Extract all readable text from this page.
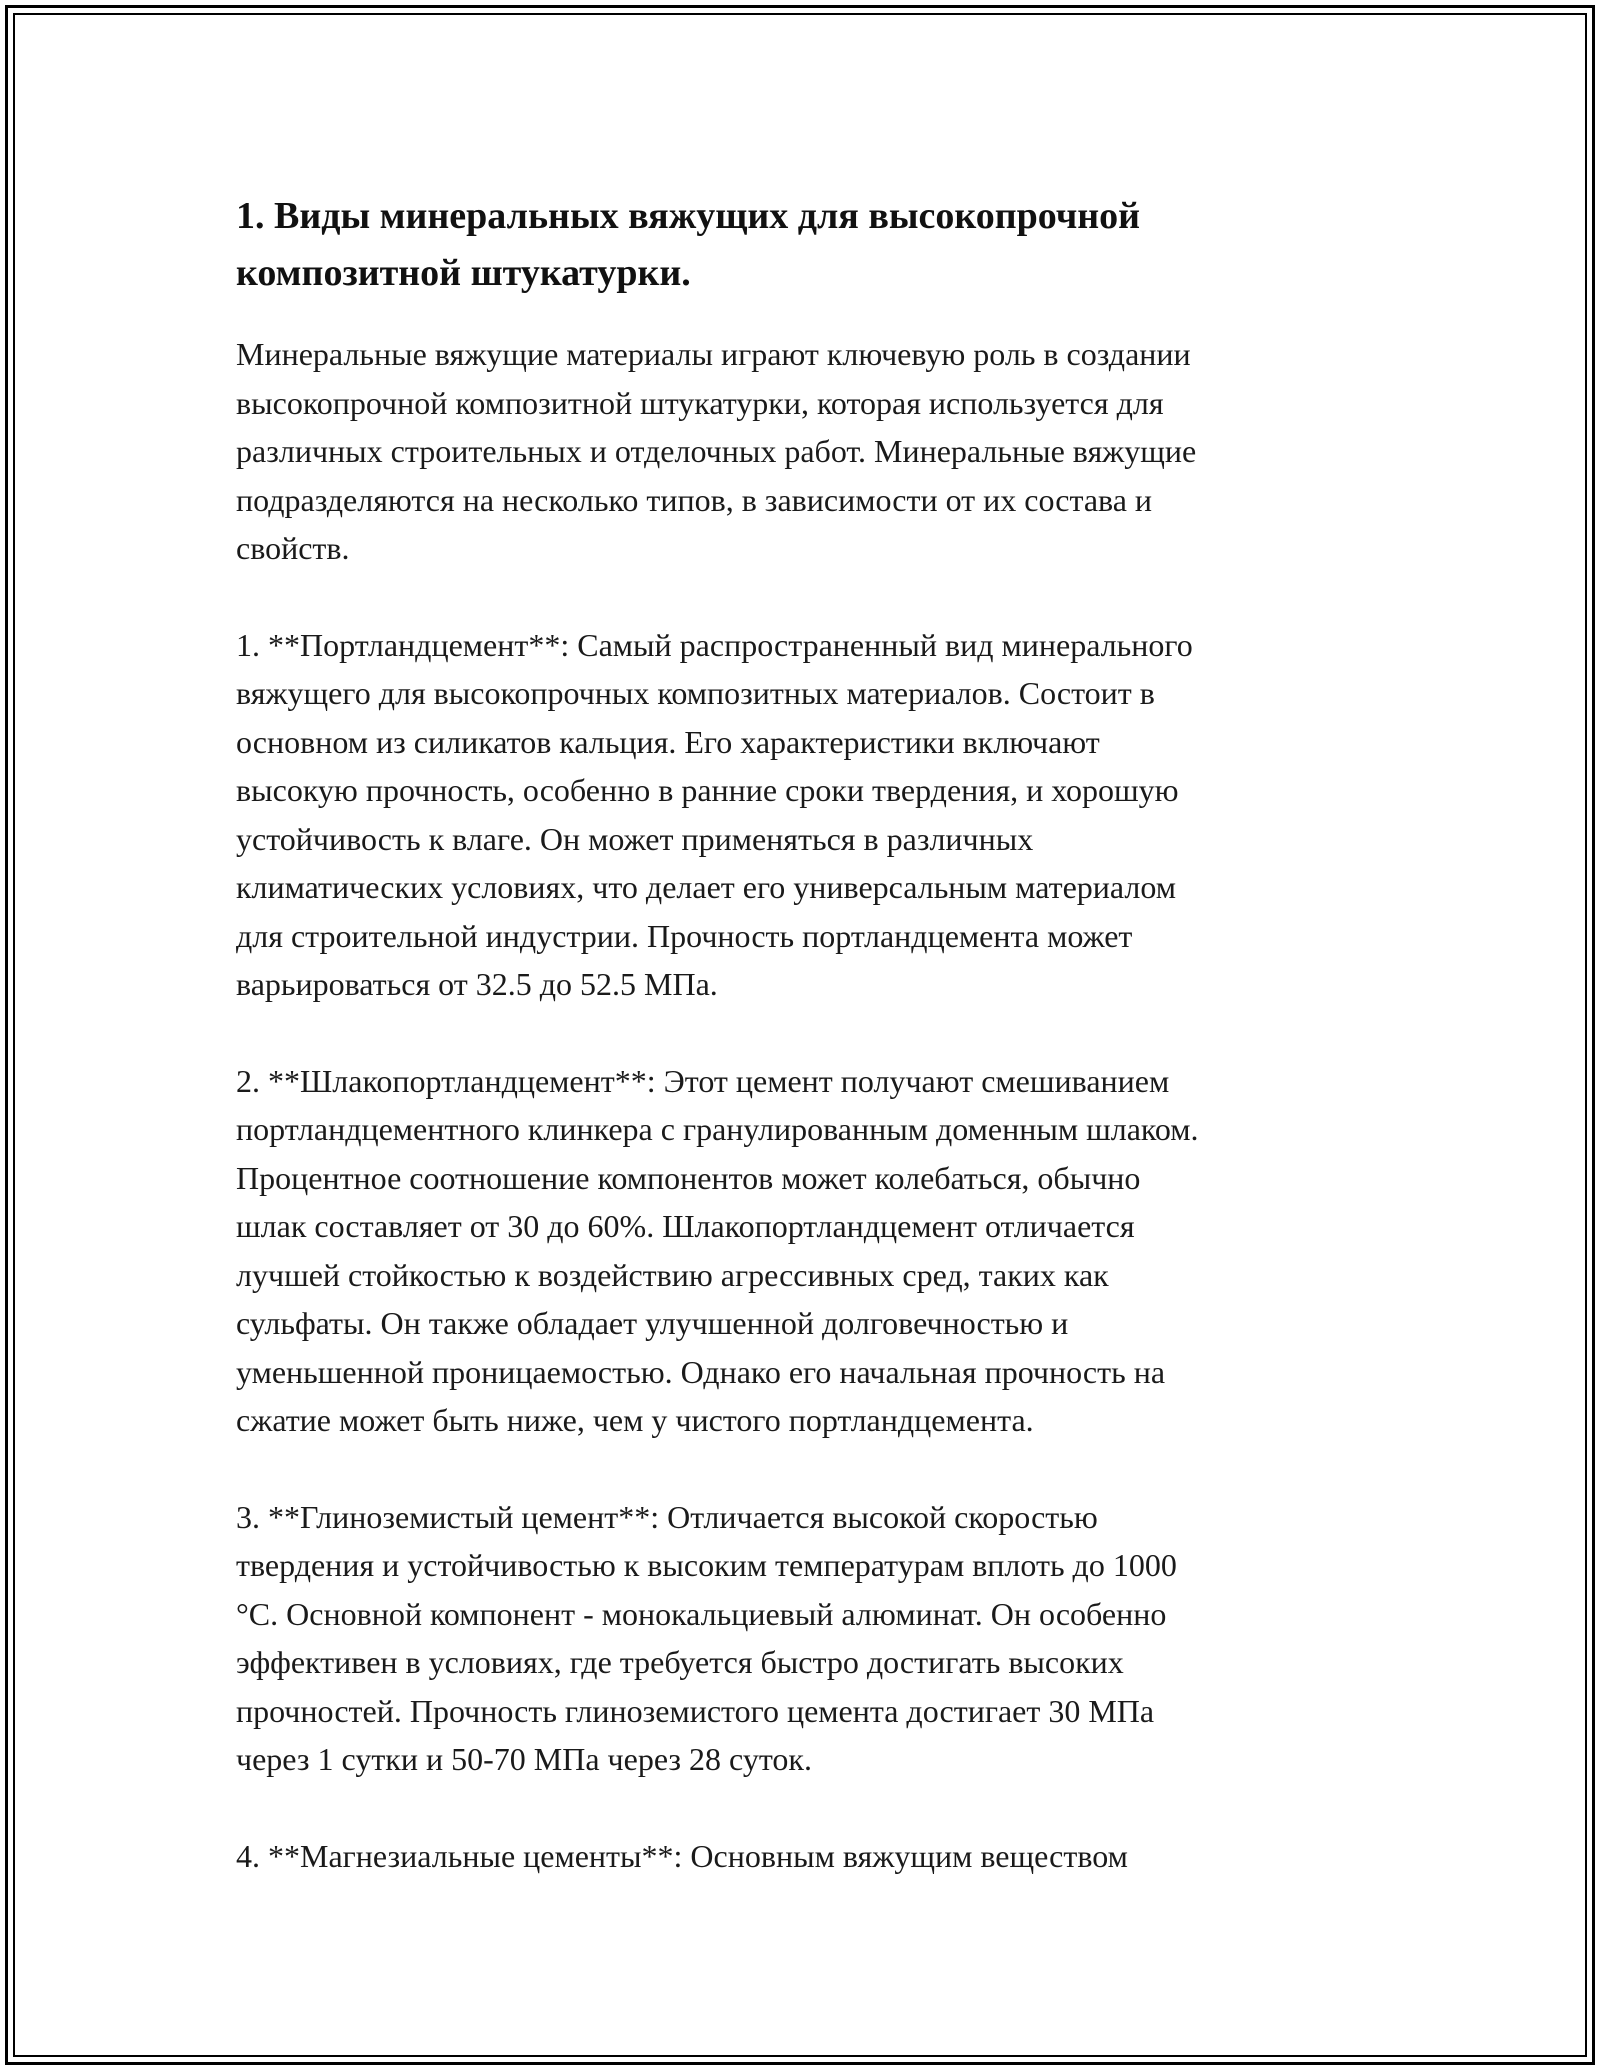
1. Виды минеральных вяжущих для высокопрочной
композитной штукатурки.

Минеральные вяжущие материалы играют ключевую роль в создании
высокопрочной композитной штукатурки, которая используется для
различных строительных и отделочных работ. Минеральные вяжущие
подразделяются на несколько типов, в зависимости от их состава и
свойств.

1. **Портландцемент**: Самый распространенный вид минерального
вяжущего для высокопрочных композитных материалов. Состоит в
основном из силикатов кальция. Его характеристики включают
высокую прочность, особенно в ранние сроки твердения, и хорошую
устойчивость к влаге. Он может применяться в различных
климатических условиях, что делает его универсальным материалом
для строительной индустрии. Прочность портландцемента может
варьироваться от 32.5 до 52.5 МПа.

2. **Шлакопортландцемент**: Этот цемент получают смешиванием
портландцементного клинкера с гранулированным доменным шлаком.
Процентное соотношение компонентов может колебаться, обычно
шлак составляет от 30 до 60%. Шлакопортландцемент отличается
лучшей стойкостью к воздействию агрессивных сред, таких как
сульфаты. Он также обладает улучшенной долговечностью и
уменьшенной проницаемостью. Однако его начальная прочность на
сжатие может быть ниже, чем у чистого портландцемента.

3. **Глиноземистый цемент**: Отличается высокой скоростью
твердения и устойчивостью к высоким температурам вплоть до 1000
°C. Основной компонент - монокальциевый алюминат. Он особенно
эффективен в условиях, где требуется быстро достигать высоких
прочностей. Прочность глиноземистого цемента достигает 30 МПа
через 1 сутки и 50-70 МПа через 28 суток.

4. **Магнезиальные цементы**: Основным вяжущим веществом
